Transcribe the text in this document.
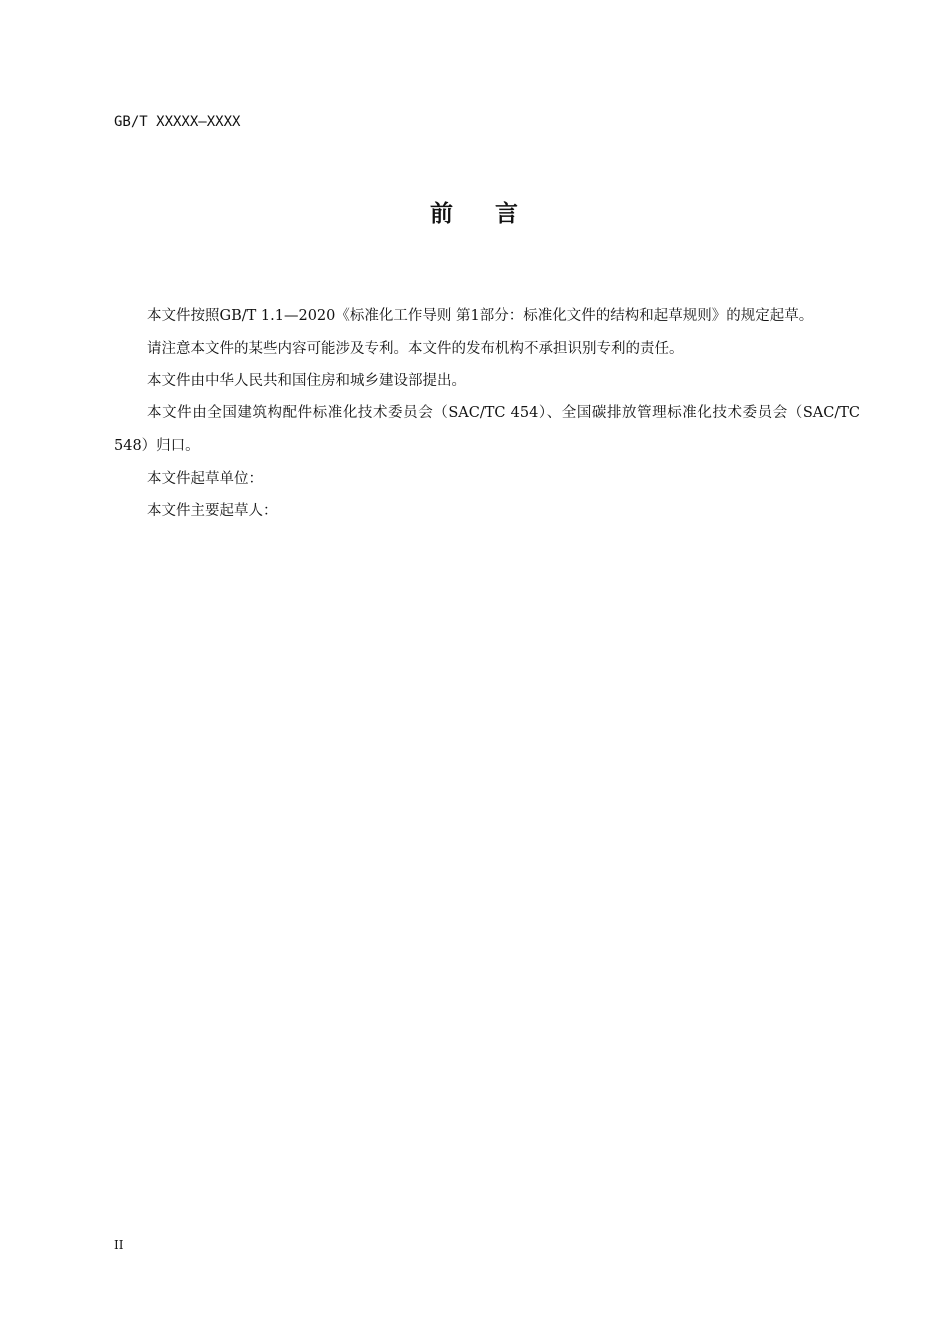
GB/T XXXXX—XXXX
前    言

本文件按照GB/T 1.1—2020《标准化工作导则 第1部分：标准化文件的结构和起草规则》的规定起草。

请注意本文件的某些内容可能涉及专利。本文件的发布机构不承担识别专利的责任。

本文件由中华人民共和国住房和城乡建设部提出。

本文件由全国建筑构配件标准化技术委员会（SAC/TC 454）、全国碳排放管理标准化技术委员会（SAC/TC 548）归口。

本文件起草单位：

本文件主要起草人：

II
